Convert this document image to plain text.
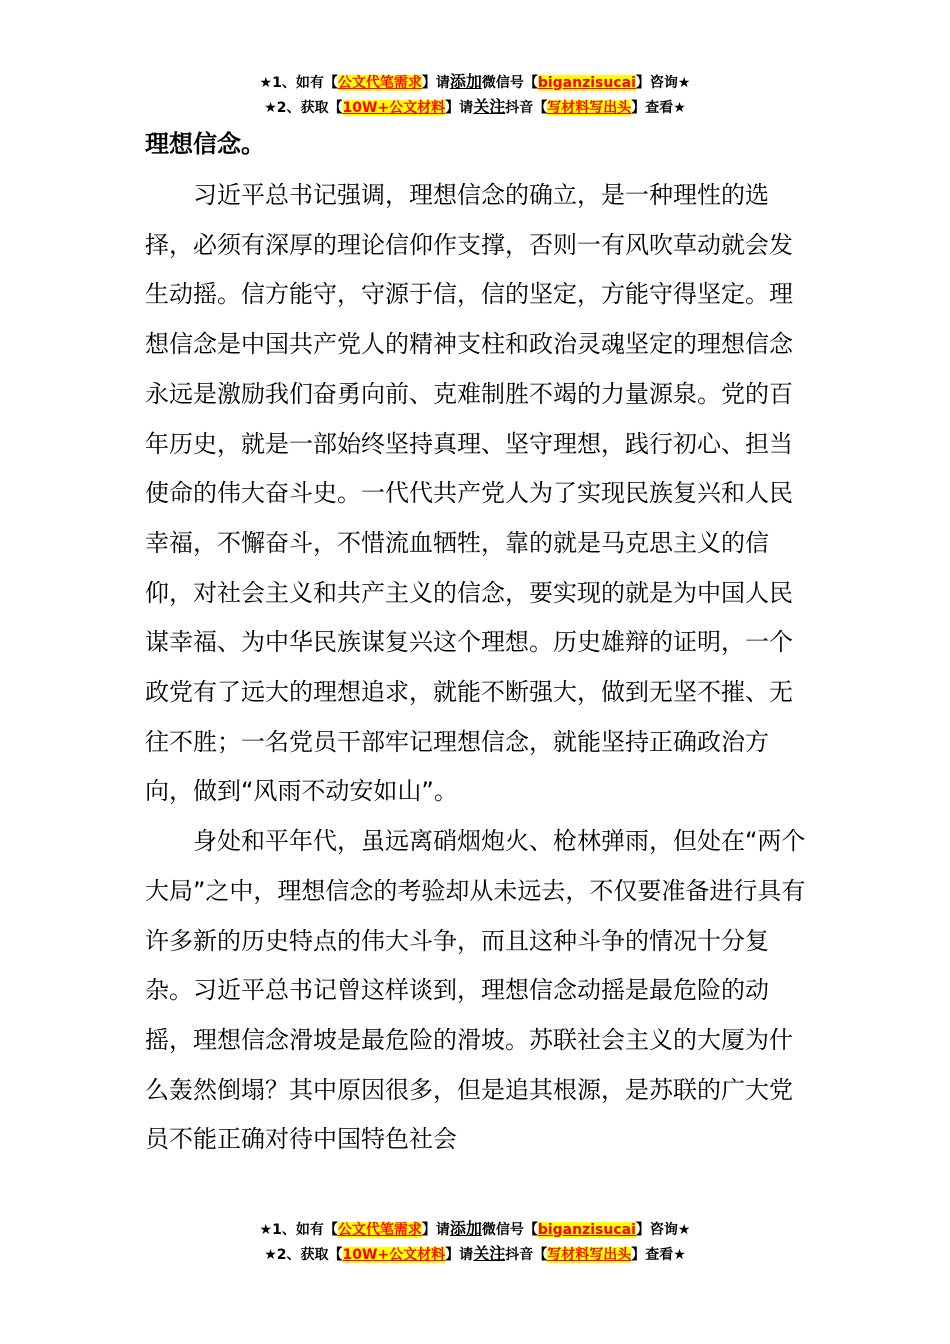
★1、如有【公文代笔需求】请添加微信号【biganzisucai】咨询★
★2、获取【10W+公文材料】请关注抖音【写材料写出头】查看★
理想信念。

习近平总书记强调，理想信念的确立，是一种理性的选择，必须有深厚的理论信仰作支撑，否则一有风吹草动就会发生动摇。信方能守，守源于信，信的坚定，方能守得坚定。理想信念是中国共产党人的精神支柱和政治灵魂坚定的理想信念永远是激励我们奋勇向前、克难制胜不竭的力量源泉。党的百年历史，就是一部始终坚持真理、坚守理想，践行初心、担当使命的伟大奋斗史。一代代共产党人为了实现民族复兴和人民幸福，不懈奋斗，不惜流血牺牲，靠的就是马克思主义的信仰，对社会主义和共产主义的信念，要实现的就是为中国人民谋幸福、为中华民族谋复兴这个理想。历史雄辩的证明，一个政党有了远大的理想追求，就能不断强大，做到无坚不摧、无往不胜；一名党员干部牢记理想信念，就能坚持正确政治方向，做到“风雨不动安如山”。

身处和平年代，虽远离硝烟炮火、枪林弹雨，但处在“两个大局”之中，理想信念的考验却从未远去，不仅要准备进行具有许多新的历史特点的伟大斗争，而且这种斗争的情况十分复杂。习近平总书记曾这样谈到，理想信念动摇是最危险的动摇，理想信念滑坡是最危险的滑坡。苏联社会主义的大厦为什么轰然倒塌？其中原因很多，但是追其根源，是苏联的广大党员不能正确对待中国特色社会

★1、如有【公文代笔需求】请添加微信号【biganzisucai】咨询★
★2、获取【10W+公文材料】请关注抖音【写材料写出头】查看★
